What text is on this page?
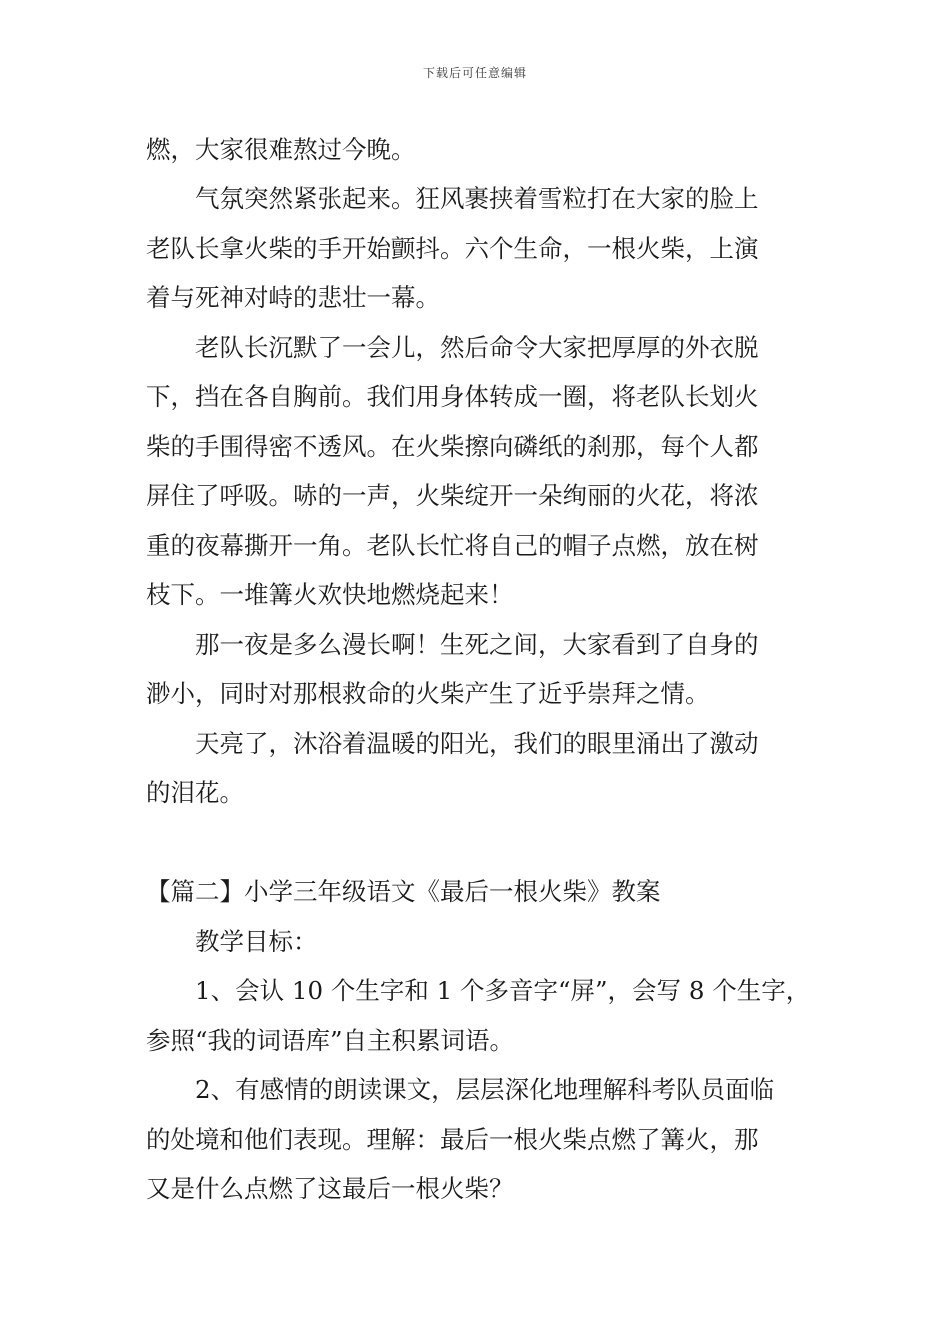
下载后可任意编辑
燃，大家很难熬过今晚。
气氛突然紧张起来。狂风裹挟着雪粒打在大家的脸上
老队长拿火柴的手开始颤抖。六个生命，一根火柴，上演
着与死神对峙的悲壮一幕。
老队长沉默了一会儿，然后命令大家把厚厚的外衣脱
下，挡在各自胸前。我们用身体转成一圈，将老队长划火
柴的手围得密不透风。在火柴擦向磷纸的刹那，每个人都
屏住了呼吸。哧的一声，火柴绽开一朵绚丽的火花，将浓
重的夜幕撕开一角。老队长忙将自己的帽子点燃，放在树
枝下。一堆篝火欢快地燃烧起来！
那一夜是多么漫长啊！生死之间，大家看到了自身的
渺小，同时对那根救命的火柴产生了近乎崇拜之情。
天亮了，沐浴着温暖的阳光，我们的眼里涌出了激动
的泪花。
【篇二】小学三年级语文《最后一根火柴》教案
教学目标：
1、会认 10 个生字和 1 个多音字“屏”，会写 8 个生字，
参照“我的词语库”自主积累词语。
2、有感情的朗读课文，层层深化地理解科考队员面临
的处境和他们表现。理解：最后一根火柴点燃了篝火，那
又是什么点燃了这最后一根火柴？
